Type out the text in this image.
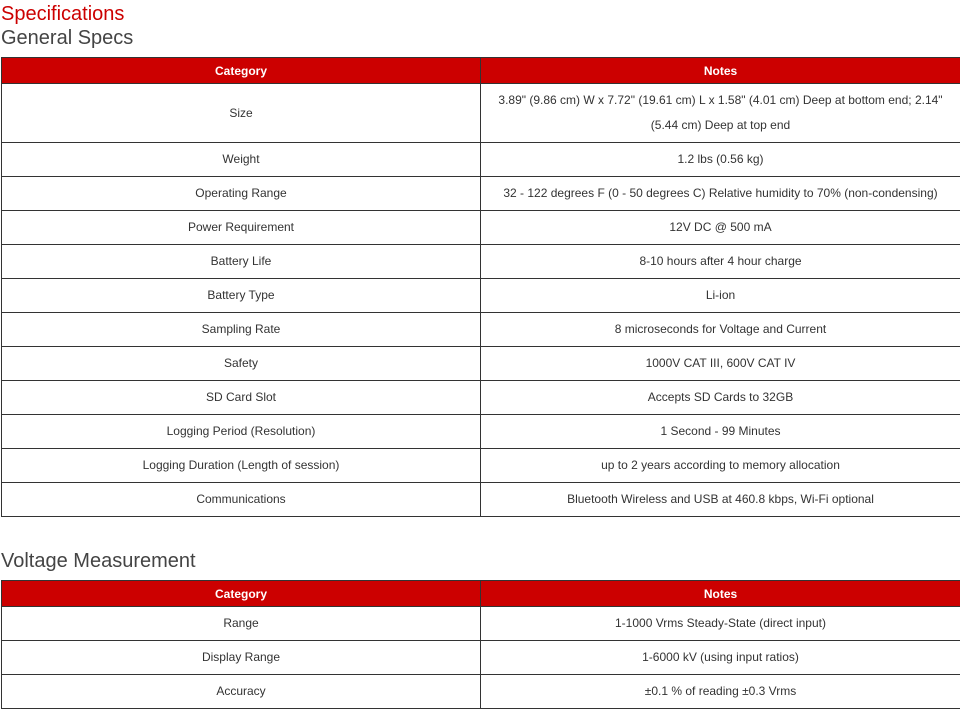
Specifications
General Specs
Category	Notes
Size	3.89" (9.86 cm) W x 7.72" (19.61 cm) L x 1.58" (4.01 cm) Deep at bottom end; 2.14" (5.44 cm) Deep at top end
Weight	1.2 lbs (0.56 kg)
Operating Range	32 - 122 degrees F (0 - 50 degrees C) Relative humidity to 70% (non-condensing)
Power Requirement	12V DC @ 500 mA
Battery Life	8-10 hours after 4 hour charge
Battery Type	Li-ion
Sampling Rate	8 microseconds for Voltage and Current
Safety	1000V CAT III, 600V CAT IV
SD Card Slot	Accepts SD Cards to 32GB
Logging Period (Resolution)	1 Second - 99 Minutes
Logging Duration (Length of session)	up to 2 years according to memory allocation
Communications	Bluetooth Wireless and USB at 460.8 kbps, Wi-Fi optional
Voltage Measurement
Category	Notes
Range	1-1000 Vrms Steady-State (direct input)
Display Range	1-6000 kV (using input ratios)
Accuracy	±0.1 % of reading ±0.3 Vrms
